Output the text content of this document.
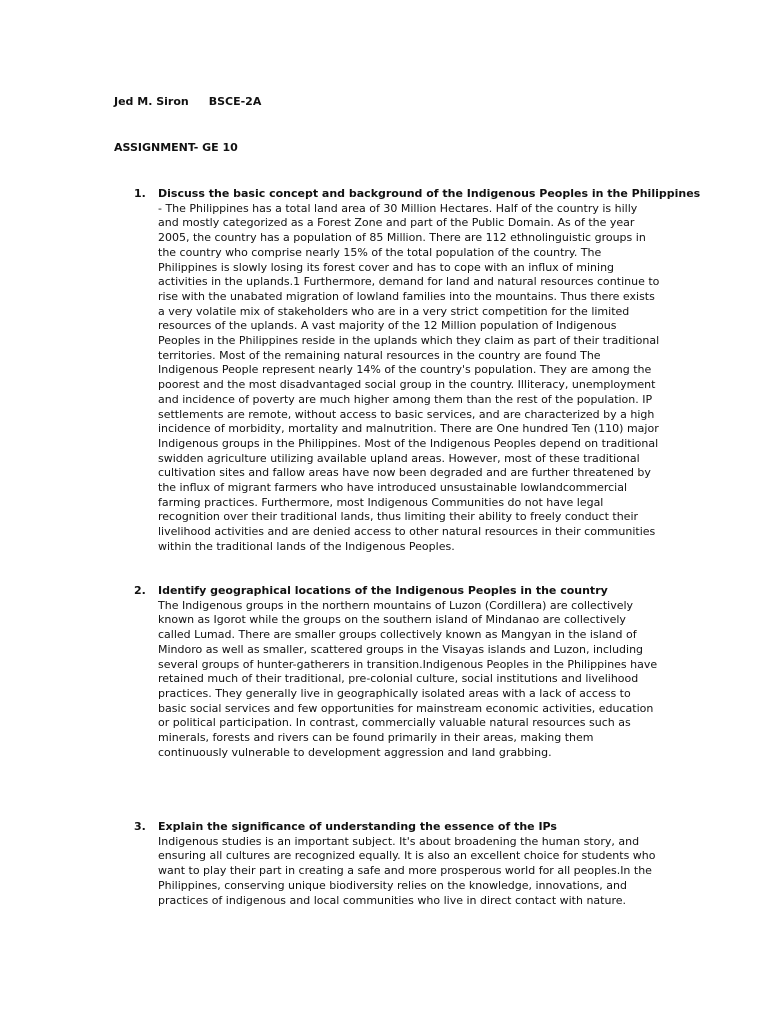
Jed M. Siron BSCE-2A
ASSIGNMENT- GE 10
1. Discuss the basic concept and background of the Indigenous Peoples in the Philippines

- The Philippines has a total land area of 30 Million Hectares. Half of the country is hilly and mostly categorized as a Forest Zone and part of the Public Domain. As of the year 2005, the country has a population of 85 Million. There are 112 ethnolinguistic groups in the country who comprise nearly 15% of the total population of the country. The Philippines is slowly losing its forest cover and has to cope with an influx of mining activities in the uplands.1 Furthermore, demand for land and natural resources continue to rise with the unabated migration of lowland families into the mountains. Thus there exists a very volatile mix of stakeholders who are in a very strict competition for the limited resources of the uplands. A vast majority of the 12 Million population of Indigenous Peoples in the Philippines reside in the uplands which they claim as part of their traditional territories. Most of the remaining natural resources in the country are found The Indigenous People represent nearly 14% of the country's population. They are among the poorest and the most disadvantaged social group in the country. Illiteracy, unemployment and incidence of poverty are much higher among them than the rest of the population. IP settlements are remote, without access to basic services, and are characterized by a high incidence of morbidity, mortality and malnutrition. There are One hundred Ten (110) major Indigenous groups in the Philippines. Most of the Indigenous Peoples depend on traditional swidden agriculture utilizing available upland areas. However, most of these traditional cultivation sites and fallow areas have now been degraded and are further threatened by the influx of migrant farmers who have introduced unsustainable lowlandcommercial farming practices. Furthermore, most Indigenous Communities do not have legal recognition over their traditional lands, thus limiting their ability to freely conduct their livelihood activities and are denied access to other natural resources in their communities within the traditional lands of the Indigenous Peoples.

2. Identify geographical locations of the Indigenous Peoples in the country

The Indigenous groups in the northern mountains of Luzon (Cordillera) are collectively known as Igorot while the groups on the southern island of Mindanao are collectively called Lumad. There are smaller groups collectively known as Mangyan in the island of Mindoro as well as smaller, scattered groups in the Visayas islands and Luzon, including several groups of hunter-gatherers in transition.Indigenous Peoples in the Philippines have retained much of their traditional, pre-colonial culture, social institutions and livelihood practices. They generally live in geographically isolated areas with a lack of access to basic social services and few opportunities for mainstream economic activities, education or political participation. In contrast, commercially valuable natural resources such as minerals, forests and rivers can be found primarily in their areas, making them continuously vulnerable to development aggression and land grabbing.

3. Explain the significance of understanding the essence of the IPs

Indigenous studies is an important subject. It's about broadening the human story, and ensuring all cultures are recognized equally. It is also an excellent choice for students who want to play their part in creating a safe and more prosperous world for all peoples.In the Philippines, conserving unique biodiversity relies on the knowledge, innovations, and practices of indigenous and local communities who live in direct contact with nature.
